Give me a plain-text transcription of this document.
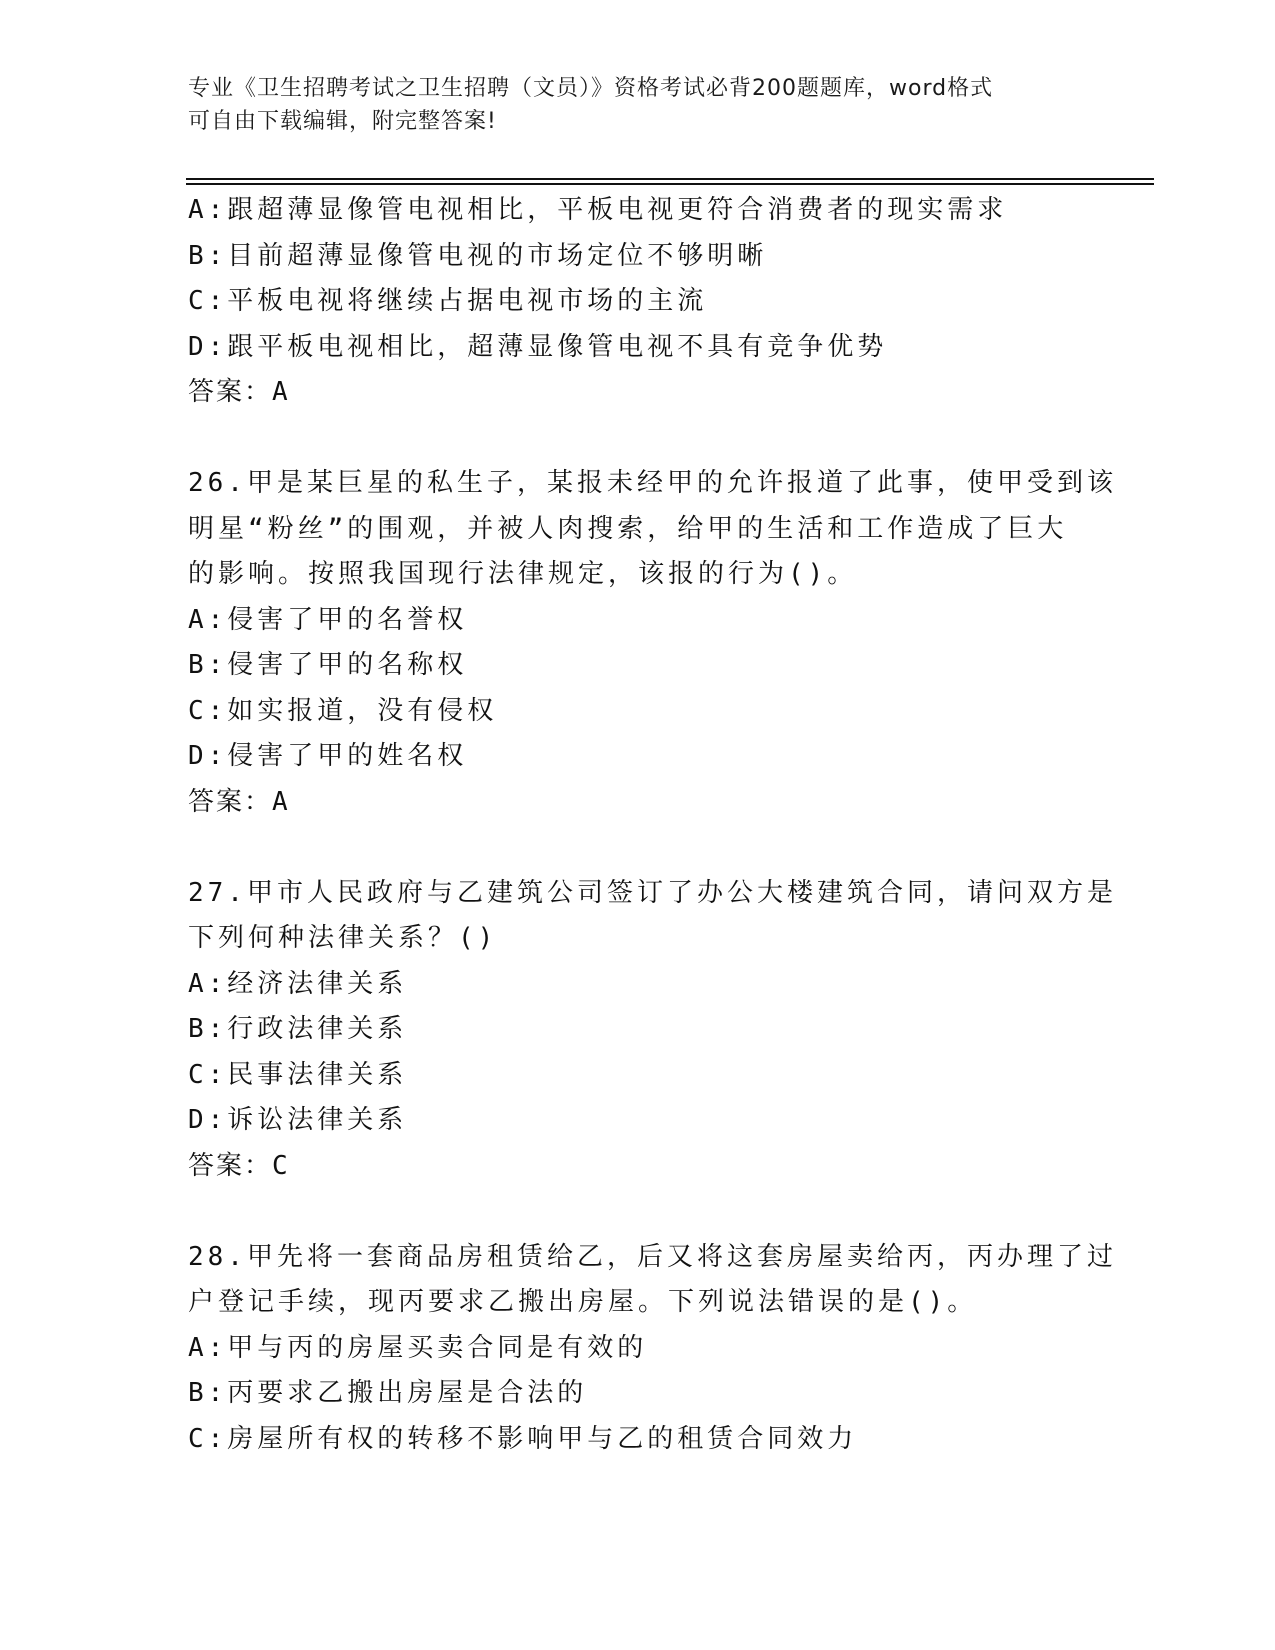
专业《卫生招聘考试之卫生招聘（文员）》资格考试必背200题题库，word格式
可自由下载编辑，附完整答案!
A:跟超薄显像管电视相比，平板电视更符合消费者的现实需求
B:目前超薄显像管电视的市场定位不够明晰
C:平板电视将继续占据电视市场的主流
D:跟平板电视相比，超薄显像管电视不具有竞争优势
答案：A
26.甲是某巨星的私生子，某报未经甲的允许报道了此事，使甲受到该
明星“粉丝”的围观，并被人肉搜索，给甲的生活和工作造成了巨大
的影响。按照我国现行法律规定，该报的行为()。
A:侵害了甲的名誉权
B:侵害了甲的名称权
C:如实报道，没有侵权
D:侵害了甲的姓名权
答案：A
27.甲市人民政府与乙建筑公司签订了办公大楼建筑合同，请问双方是
下列何种法律关系？()
A:经济法律关系
B:行政法律关系
C:民事法律关系
D:诉讼法律关系
答案：C
28.甲先将一套商品房租赁给乙，后又将这套房屋卖给丙，丙办理了过
户登记手续，现丙要求乙搬出房屋。下列说法错误的是()。
A:甲与丙的房屋买卖合同是有效的
B:丙要求乙搬出房屋是合法的
C:房屋所有权的转移不影响甲与乙的租赁合同效力
